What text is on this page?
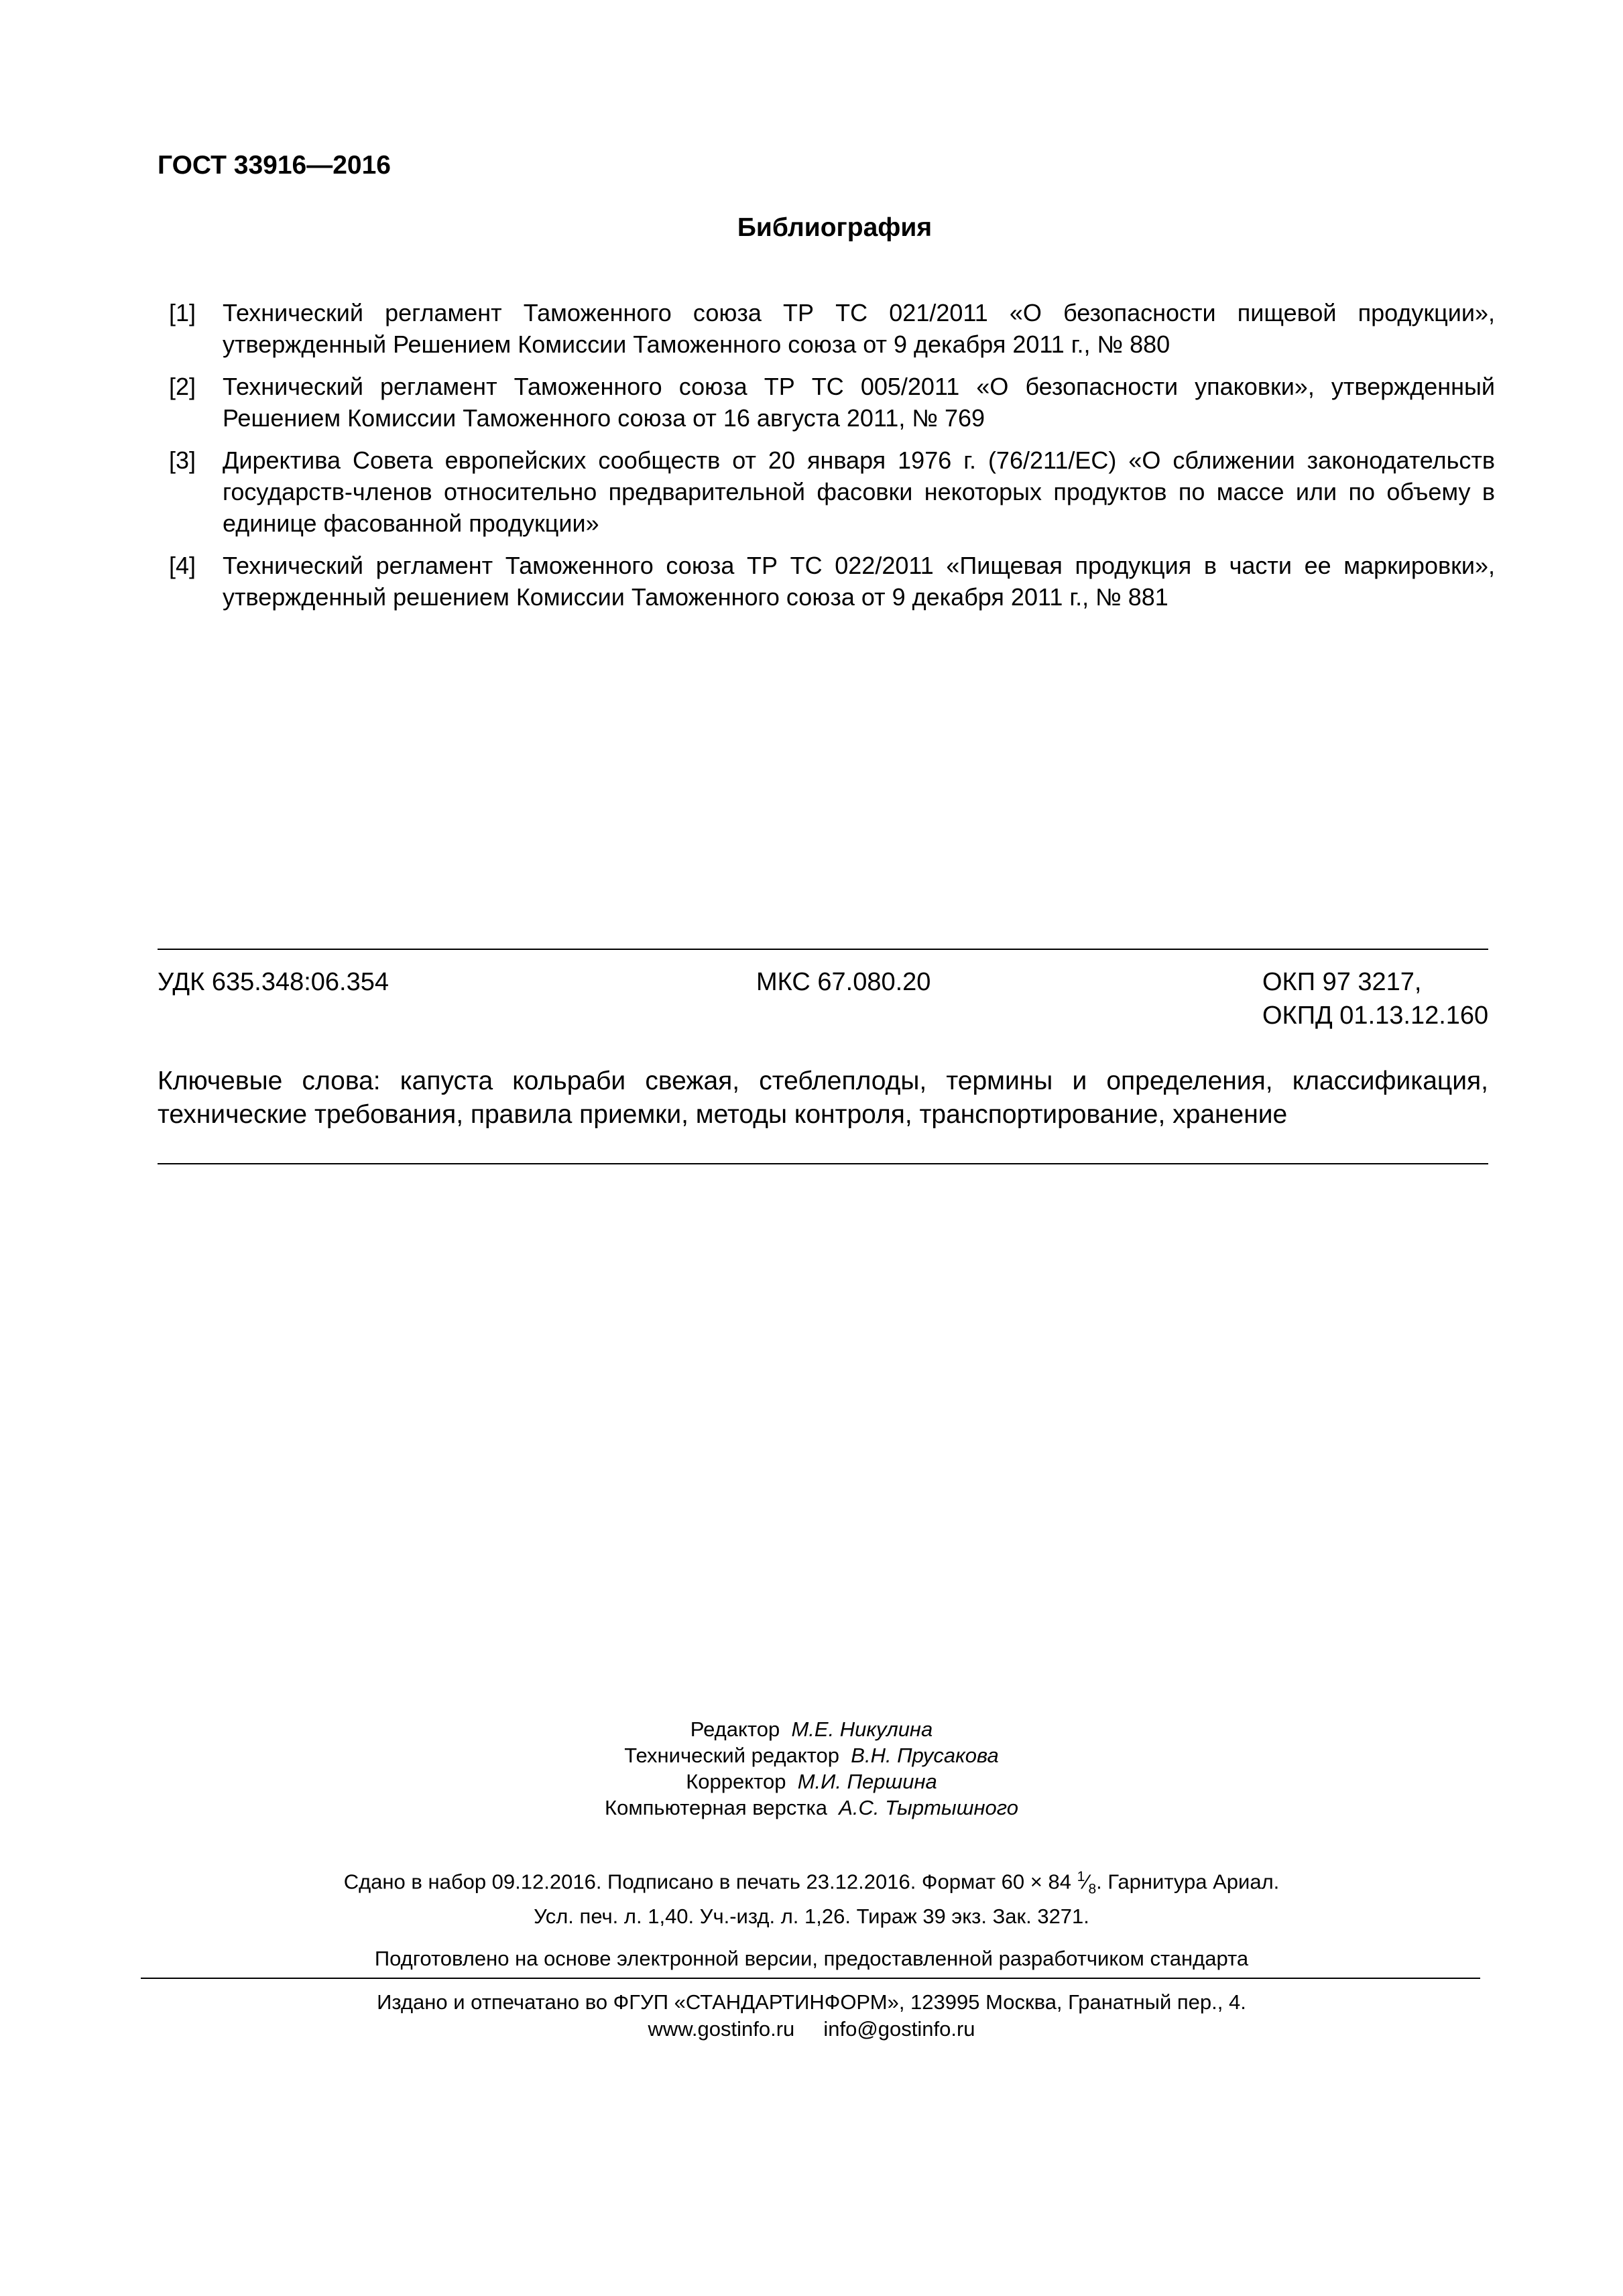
ГОСТ 33916—2016
Библиография
[1]	Технический регламент Таможенного союза ТР ТС 021/2011 «О безопасности пищевой продукции», утвержденный Решением Комиссии Таможенного союза от 9 декабря 2011 г., № 880
[2]	Технический регламент Таможенного союза ТР ТС 005/2011 «О безопасности упаковки», утвержденный Решением Комиссии Таможенного союза от 16 августа 2011, № 769
[3]	Директива Совета европейских сообществ от 20 января 1976 г. (76/211/ЕС) «О сближении законодательств государств-членов относительно предварительной фасовки некоторых продуктов по массе или по объему в единице фасованной продукции»
[4]	Технический регламент Таможенного союза ТР ТС 022/2011 «Пищевая продукция в части ее маркировки», утвержденный решением Комиссии Таможенного союза от 9 декабря 2011 г., № 881
УДК 635.348:06.354	МКС 67.080.20	ОКП 97 3217,
ОКПД 01.13.12.160
Ключевые слова: капуста кольраби свежая, стеблеплоды, термины и определения, классификация, технические требования, правила приемки, методы контроля, транспортирование, хранение
Редактор М.Е. Никулина
Технический редактор В.Н. Прусакова
Корректор М.И. Першина
Компьютерная верстка А.С. Тыртышного
Сдано в набор 09.12.2016. Подписано в печать 23.12.2016. Формат 60 × 84 $^1⁄_8$. Гарнитура Ариал.
Усл. печ. л. 1,40. Уч.-изд. л. 1,26. Тираж 39 экз. Зак. 3271.
Подготовлено на основе электронной версии, предоставленной разработчиком стандарта
Издано и отпечатано во ФГУП «СТАНДАРТИНФОРМ», 123995 Москва, Гранатный пер., 4.
www.gostinfo.ru info@gostinfo.ru
